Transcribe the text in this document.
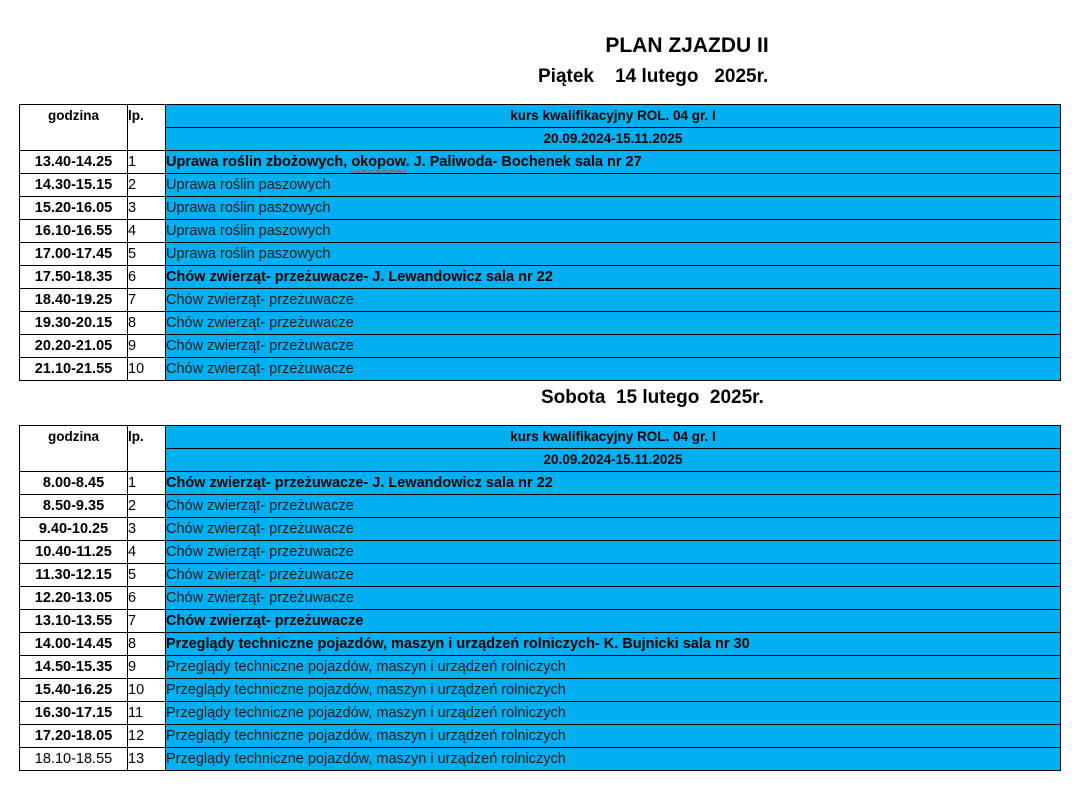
PLAN ZJAZDU II
Piątek    14 lutego   2025r.
godzina	lp.	kurs kwalifikacyjny ROL. 04 gr. I
		20.09.2024-15.11.2025
13.40-14.25	1	Uprawa roślin zbożowych, okopow. J. Paliwoda- Bochenek sala nr 27
14.30-15.15	2	Uprawa roślin paszowych
15.20-16.05	3	Uprawa roślin paszowych
16.10-16.55	4	Uprawa roślin paszowych
17.00-17.45	5	Uprawa roślin paszowych
17.50-18.35	6	Chów zwierząt- przeżuwacze- J. Lewandowicz sala nr 22
18.40-19.25	7	Chów zwierząt- przeżuwacze
19.30-20.15	8	Chów zwierząt- przeżuwacze
20.20-21.05	9	Chów zwierząt- przeżuwacze
21.10-21.55	10	Chów zwierząt- przeżuwacze
Sobota  15 lutego  2025r.
godzina	lp.	kurs kwalifikacyjny ROL. 04 gr. I
		20.09.2024-15.11.2025
8.00-8.45	1	Chów zwierząt- przeżuwacze- J. Lewandowicz sala nr 22
8.50-9.35	2	Chów zwierząt- przeżuwacze
9.40-10.25	3	Chów zwierząt- przeżuwacze
10.40-11.25	4	Chów zwierząt- przeżuwacze
11.30-12.15	5	Chów zwierząt- przeżuwacze
12.20-13.05	6	Chów zwierząt- przeżuwacze
13.10-13.55	7	Chów zwierząt- przeżuwacze
14.00-14.45	8	Przeglądy techniczne pojazdów, maszyn i urządzeń rolniczych- K. Bujnicki sala nr 30
14.50-15.35	9	Przeglądy techniczne pojazdów, maszyn i urządzeń rolniczych
15.40-16.25	10	Przeglądy techniczne pojazdów, maszyn i urządzeń rolniczych
16.30-17.15	11	Przeglądy techniczne pojazdów, maszyn i urządzeń rolniczych
17.20-18.05	12	Przeglądy techniczne pojazdów, maszyn i urządzeń rolniczych
18.10-18.55	13	Przeglądy techniczne pojazdów, maszyn i urządzeń rolniczych
